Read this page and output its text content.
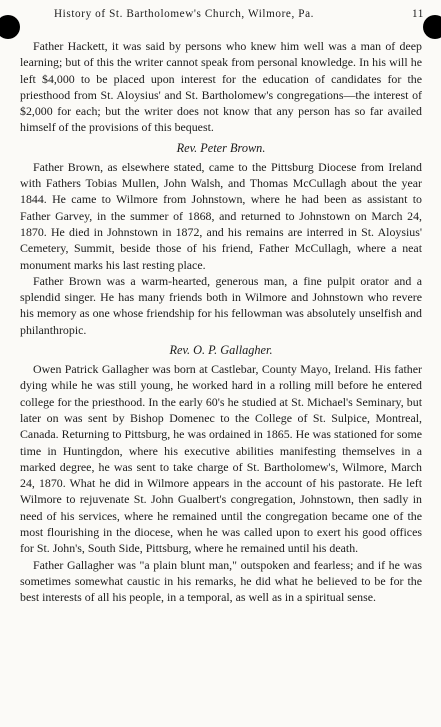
History of St. Bartholomew's Church, Wilmore, Pa.	11

Father Hackett, it was said by persons who knew him well was a man of deep learning; but of this the writer cannot speak from personal knowledge. In his will he left $4,000 to be placed upon interest for the education of candidates for the priesthood from St. Aloysius' and St. Bartholomew's congregations—the interest of $2,000 for each; but the writer does not know that any person has so far availed himself of the provisions of this bequest.

Rev. Peter Brown.

Father Brown, as elsewhere stated, came to the Pittsburg Diocese from Ireland with Fathers Tobias Mullen, John Walsh, and Thomas McCullagh about the year 1844. He came to Wilmore from Johnstown, where he had been as assistant to Father Garvey, in the summer of 1868, and returned to Johnstown on March 24, 1870. He died in Johnstown in 1872, and his remains are interred in St. Aloysius' Cemetery, Summit, beside those of his friend, Father McCullagh, where a neat monument marks his last resting place.

Father Brown was a warm-hearted, generous man, a fine pulpit orator and a splendid singer. He has many friends both in Wilmore and Johnstown who revere his memory as one whose friendship for his fellowman was absolutely unselfish and philanthropic.

Rev. O. P. Gallagher.

Owen Patrick Gallagher was born at Castlebar, County Mayo, Ireland. His father dying while he was still young, he worked hard in a rolling mill before he entered college for the priesthood. In the early 60's he studied at St. Michael's Seminary, but later on was sent by Bishop Domenec to the College of St. Sulpice, Montreal, Canada. Returning to Pittsburg, he was ordained in 1865. He was stationed for some time in Huntingdon, where his executive abilities manifesting themselves in a marked degree, he was sent to take charge of St. Bartholomew's, Wilmore, March 24, 1870. What he did in Wilmore appears in the account of his pastorate. He left Wilmore to rejuvenate St. John Gualbert's congregation, Johnstown, then sadly in need of his services, where he remained until the congregation became one of the most flourishing in the diocese, when he was called upon to exert his good offices for St. John's, South Side, Pittsburg, where he remained until his death.

Father Gallagher was "a plain blunt man," outspoken and fearless; and if he was sometimes somewhat caustic in his remarks, he did what he believed to be for the best interests of all his people, in a temporal, as well as in a spiritual sense.
